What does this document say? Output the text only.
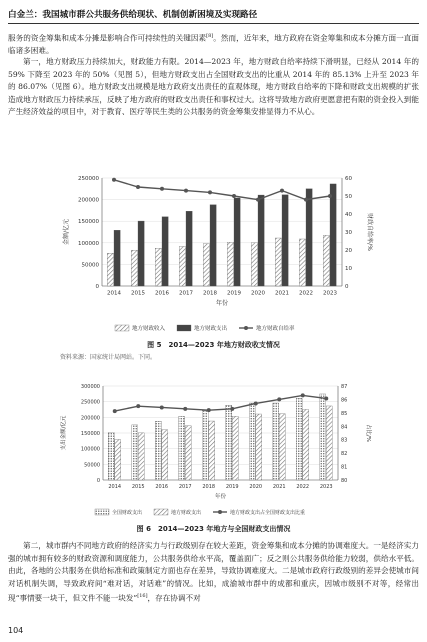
白金兰：我国城市群公共服务供给现状、机制创新困境及实现路径

服务的资金筹集和成本分摊是影响合作可持续性的关键因素[8]。然而，近年来，地方政府在资金筹集和成本分摊方面一直面临诸多困难。

第一，地方财政压力持续加大，财政能力有限。2014—2023 年，地方财政自给率持续下滑明显，已经从 2014 年的 59% 下降至 2023 年的 50%（见图 5），但地方财政支出占全国财政支出的比重从 2014 年的 85.13% 上升至 2023 年的 86.07%（见图 6）。地方财政支出规模是地方政府支出责任的直观体现，地方财政自给率的下降和财政支出规模的扩张造成地方财政压力持续承压，反映了地方政府的财政支出责任和事权过大。这将导致地方政府更愿意把有限的资金投入到能产生经济效益的项目中，对于教育、医疗等民生类的公共服务的资金筹集安排显得力不从心。

0
50000
100000
150000
200000
250000
0
10
20
30
40
50
60
2014 2015 2016 2017 2018 2019 2020 2021 2022 2023
金额/亿元	财政自给率/%
年份
地方财政收入	地方财政支出	地方财政自给率
图 5　2014—2023 年地方财政收支情况
资料来源：国家统计局网站。下同。
0
50000
100000
150000
200000
250000
300000
80
81
82
83
84
85
86
87
2014 2015 2016 2017 2018 2019 2020 2021 2022 2023
支出金额/亿元	占比/%
年份
全国财政支出	地方财政支出	地方财政支出占全国财政支出比重
图 6　2014—2023 年地方与全国财政支出情况

第二，城市群内不同地方政府的经济实力与行政级别存在较大差距，资金筹集和成本分摊的协调难度大。一是经济实力强的城市拥有较多的财政资源和调度能力，公共服务供给水平高，覆盖面广；反之则公共服务供给能力较弱，供给水平低。由此，各地的公共服务在供给标准和政策制定方面也存在差异，导致协调难度大。二是城市政府行政级别的差异会使城市间对话机制失调，导致政府间“难对话，对话难”的情况。比如，成渝城市群中的成都和重庆，因城市级别不对等，经常出现“事情要一块干，但文件不能一块发”[16]，存在协调不对

104
